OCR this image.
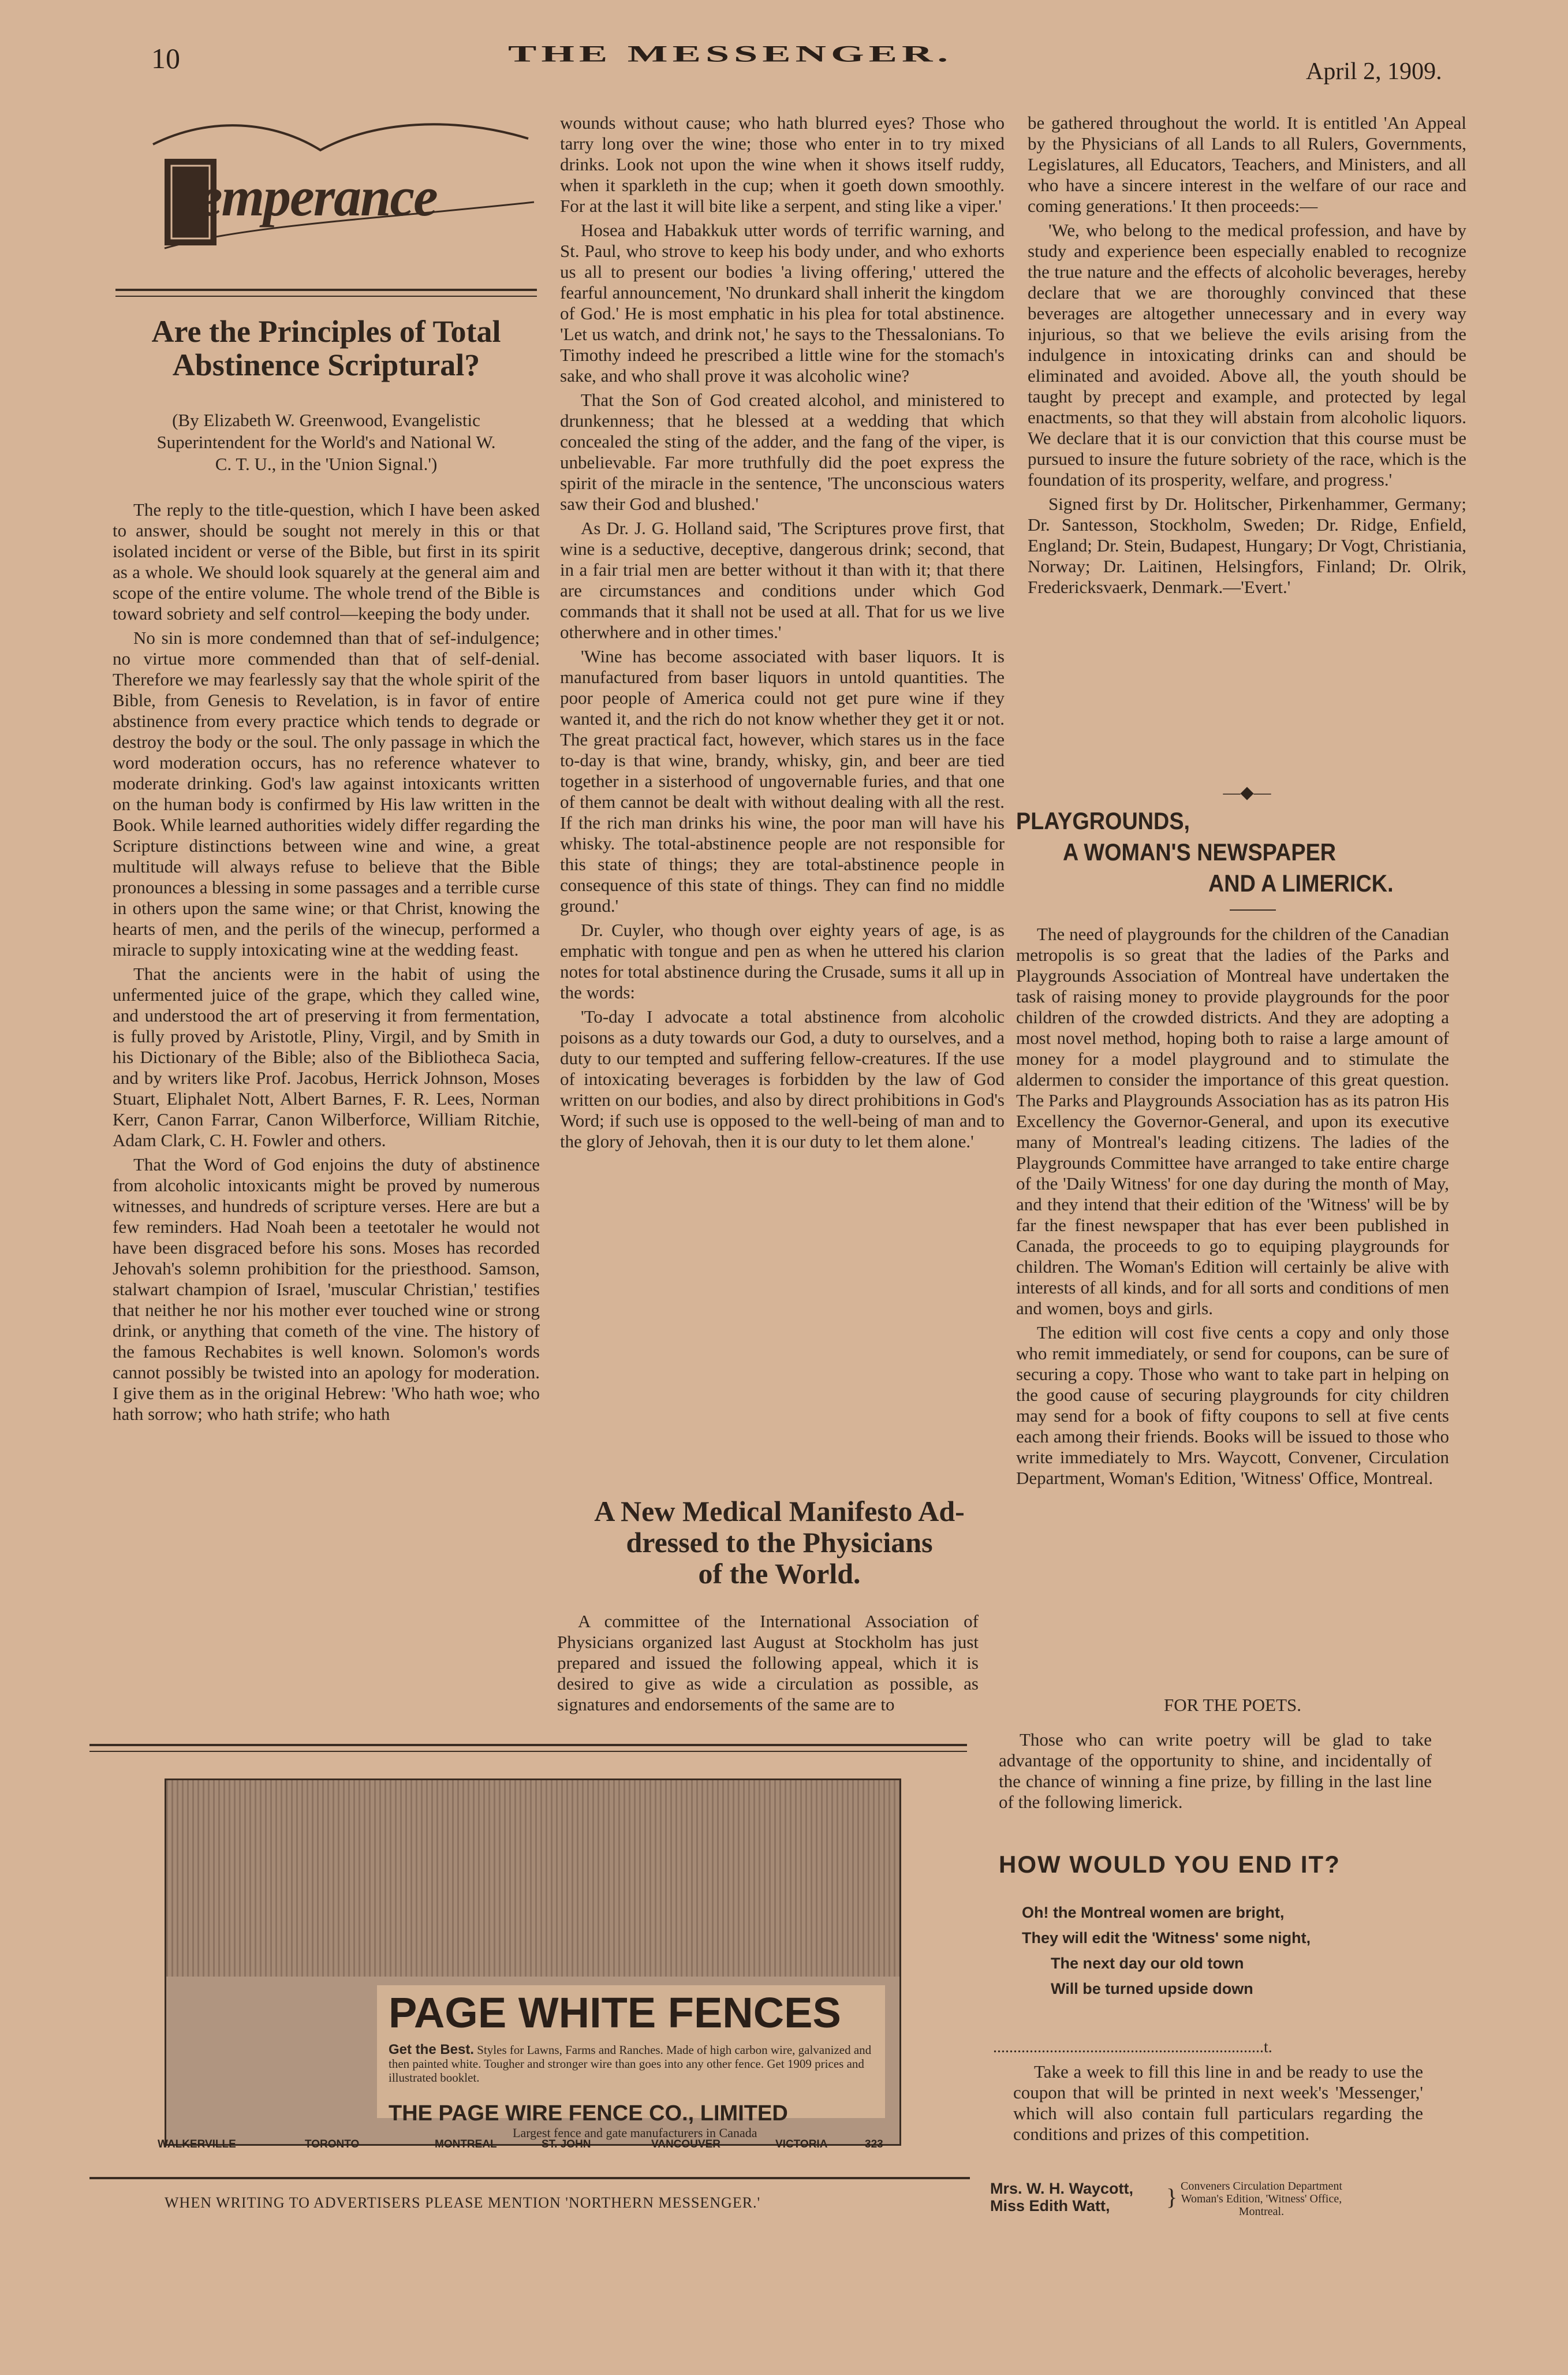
10	THE MESSENGER.
April 2, 1909.
Temperance
Are the Principles of Total
Abstinence Scriptural?
(By Elizabeth W. Greenwood, Evangelistic Superintendent for the World's and National W. C. T. U., in the 'Union Signal.')

The reply to the title-question, which I have been asked to answer, should be sought not merely in this or that isolated incident or verse of the Bible, but first in its spirit as a whole. We should look squarely at the general aim and scope of the entire volume. The whole trend of the Bible is toward sobriety and self control—keeping the body under.

No sin is more condemned than that of sef-indulgence; no virtue more commended than that of self-denial. Therefore we may fearlessly say that the whole spirit of the Bible, from Genesis to Revelation, is in favor of entire abstinence from every practice which tends to degrade or destroy the body or the soul. The only passage in which the word moderation occurs, has no reference whatever to moderate drinking. God's law against intoxicants written on the human body is confirmed by His law written in the Book. While learned authorities widely differ regarding the Scripture distinctions between wine and wine, a great multitude will always refuse to believe that the Bible pronounces a blessing in some passages and a terrible curse in others upon the same wine; or that Christ, knowing the hearts of men, and the perils of the winecup, performed a miracle to supply intoxicating wine at the wedding feast.

That the ancients were in the habit of using the unfermented juice of the grape, which they called wine, and understood the art of preserving it from fermentation, is fully proved by Aristotle, Pliny, Virgil, and by Smith in his Dictionary of the Bible; also of the Bibliotheca Sacia, and by writers like Prof. Jacobus, Herrick Johnson, Moses Stuart, Eliphalet Nott, Albert Barnes, F. R. Lees, Norman Kerr, Canon Farrar, Canon Wilberforce, William Ritchie, Adam Clark, C. H. Fowler and others.

That the Word of God enjoins the duty of abstinence from alcoholic intoxicants might be proved by numerous witnesses, and hundreds of scripture verses. Here are but a few reminders. Had Noah been a teetotaler he would not have been disgraced before his sons. Moses has recorded Jehovah's solemn prohibition for the priesthood. Samson, stalwart champion of Israel, 'muscular Christian,' testifies that neither he nor his mother ever touched wine or strong drink, or anything that cometh of the vine. The history of the famous Rechabites is well known. Solomon's words cannot possibly be twisted into an apology for moderation. I give them as in the original Hebrew: 'Who hath woe; who hath sorrow; who hath strife; who hath

wounds without cause; who hath blurred eyes? Those who tarry long over the wine; those who enter in to try mixed drinks. Look not upon the wine when it shows itself ruddy, when it sparkleth in the cup; when it goeth down smoothly. For at the last it will bite like a serpent, and sting like a viper.'

Hosea and Habakkuk utter words of terrific warning, and St. Paul, who strove to keep his body under, and who exhorts us all to present our bodies 'a living offering,' uttered the fearful announcement, 'No drunkard shall inherit the kingdom of God.' He is most emphatic in his plea for total abstinence. 'Let us watch, and drink not,' he says to the Thessalonians. To Timothy indeed he prescribed a little wine for the stomach's sake, and who shall prove it was alcoholic wine?

That the Son of God created alcohol, and ministered to drunkenness; that he blessed at a wedding that which concealed the sting of the adder, and the fang of the viper, is unbelievable. Far more truthfully did the poet express the spirit of the miracle in the sentence, 'The unconscious waters saw their God and blushed.'

As Dr. J. G. Holland said, 'The Scriptures prove first, that wine is a seductive, deceptive, dangerous drink; second, that in a fair trial men are better without it than with it; that there are circumstances and conditions under which God commands that it shall not be used at all. That for us we live otherwhere and in other times.'

'Wine has become associated with baser liquors. It is manufactured from baser liquors in untold quantities. The poor people of America could not get pure wine if they wanted it, and the rich do not know whether they get it or not. The great practical fact, however, which stares us in the face to-day is that wine, brandy, whisky, gin, and beer are tied together in a sisterhood of ungovernable furies, and that one of them cannot be dealt with without dealing with all the rest. If the rich man drinks his wine, the poor man will have his whisky. The total-abstinence people are not responsible for this state of things; they are total-abstinence people in consequence of this state of things. They can find no middle ground.'

Dr. Cuyler, who though over eighty years of age, is as emphatic with tongue and pen as when he uttered his clarion notes for total abstinence during the Crusade, sums it all up in the words:

'To-day I advocate a total abstinence from alcoholic poisons as a duty towards our God, a duty to ourselves, and a duty to our tempted and suffering fellow-creatures. If the use of intoxicating beverages is forbidden by the law of God written on our bodies, and also by direct prohibitions in God's Word; if such use is opposed to the well-being of man and to the glory of Jehovah, then it is our duty to let them alone.'

A New Medical Manifesto Ad-
dressed to the Physicians
of the World.

A committee of the International Association of Physicians organized last August at Stockholm has just prepared and issued the following appeal, which it is desired to give as wide a circulation as possible, as signatures and endorsements of the same are to

be gathered throughout the world. It is entitled 'An Appeal by the Physicians of all Lands to all Rulers, Governments, Legislatures, all Educators, Teachers, and Ministers, and all who have a sincere interest in the welfare of our race and coming generations.' It then proceeds:—

'We, who belong to the medical profession, and have by study and experience been especially enabled to recognize the true nature and the effects of alcoholic beverages, hereby declare that we are thoroughly convinced that these beverages are altogether unnecessary and in every way injurious, so that we believe the evils arising from the indulgence in intoxicating drinks can and should be eliminated and avoided. Above all, the youth should be taught by precept and example, and protected by legal enactments, so that they will abstain from alcoholic liquors. We declare that it is our conviction that this course must be pursued to insure the future sobriety of the race, which is the foundation of its prosperity, welfare, and progress.'

Signed first by Dr. Holitscher, Pirkenhammer, Germany; Dr. Santesson, Stockholm, Sweden; Dr. Ridge, Enfield, England; Dr. Stein, Budapest, Hungary; Dr Vogt, Christiania, Norway; Dr. Laitinen, Helsingfors, Finland; Dr. Olrik, Fredericksvaerk, Denmark.—'Evert.'

―◆―
PLAYGROUNDS,
A WOMAN'S NEWSPAPER
AND A LIMERICK.

The need of playgrounds for the children of the Canadian metropolis is so great that the ladies of the Parks and Playgrounds Association of Montreal have undertaken the task of raising money to provide playgrounds for the poor children of the crowded districts. And they are adopting a most novel method, hoping both to raise a large amount of money for a model playground and to stimulate the aldermen to consider the importance of this great question. The Parks and Playgrounds Association has as its patron His Excellency the Governor-General, and upon its executive many of Montreal's leading citizens. The ladies of the Playgrounds Committee have arranged to take entire charge of the 'Daily Witness' for one day during the month of May, and they intend that their edition of the 'Witness' will be by far the finest newspaper that has ever been published in Canada, the proceeds to go to equiping playgrounds for children. The Woman's Edition will certainly be alive with interests of all kinds, and for all sorts and conditions of men and women, boys and girls.

The edition will cost five cents a copy and only those who remit immediately, or send for coupons, can be sure of securing a copy. Those who want to take part in helping on the good cause of securing playgrounds for city children may send for a book of fifty coupons to sell at five cents each among their friends. Books will be issued to those who write immediately to Mrs. Waycott, Convener, Circulation Department, Woman's Edition, 'Witness' Office, Montreal.

FOR THE POETS.

Those who can write poetry will be glad to take advantage of the opportunity to shine, and incidentally of the chance of winning a fine prize, by filling in the last line of the following limerick.

HOW WOULD YOU END IT?
Oh! the Montreal women are bright,
They will edit the 'Witness' some night,
The next day our old town
Will be turned upside down
...................................................................t.

Take a week to fill this line in and be ready to use the coupon that will be printed in next week's 'Messenger,' which will also contain full particulars regarding the conditions and prizes of this competition.

Mrs. W. H. Waycott,
Miss Edith Watt,	} Conveners Circulation Department
Woman's Edition, 'Witness' Office,
Montreal.
PAGE WHITE FENCES
Get the Best. Styles for Lawns, Farms and Ranches. Made of high carbon wire, galvanized and then painted white. Tougher and stronger wire than goes into any other fence. Get 1909 prices and illustrated booklet.
THE PAGE WIRE FENCE CO., LIMITED
Largest fence and gate manufacturers in Canada
WALKERVILLE	TORONTO	MONTREAL	ST. JOHN	VANCOUVER	VICTORIA	323
WHEN WRITING TO ADVERTISERS PLEASE MENTION 'NORTHERN MESSENGER.'
